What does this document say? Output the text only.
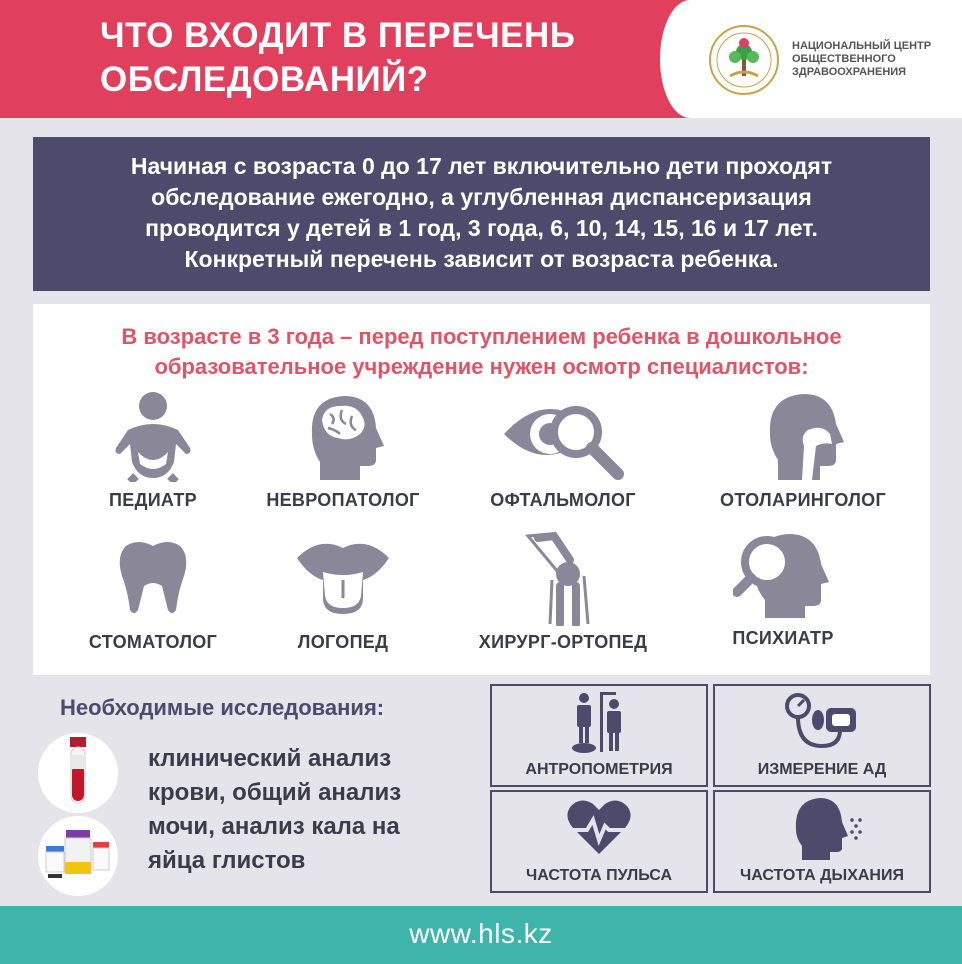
ЧТО ВХОДИТ В ПЕРЕЧЕНЬ
ОБСЛЕДОВАНИЙ?
НАЦИОНАЛЬНЫЙ ЦЕНТР
ОБЩЕСТВЕННОГО
ЗДРАВООХРАНЕНИЯ
Начиная с возраста 0 до 17 лет включительно дети проходят
обследование ежегодно, а углубленная диспансеризация
проводится у детей в 1 год, 3 года, 6, 10, 14, 15, 16 и 17 лет.
Конкретный перечень зависит от возраста ребенка.
В возрасте в 3 года – перед поступлением ребенка в дошкольное
образовательное учреждение нужен осмотр специалистов:
ПЕДИАТР	НЕВРОПАТОЛОГ	ОФТАЛЬМОЛОГ	ОТОЛАРИНГОЛОГ
СТОМАТОЛОГ	ЛОГОПЕД	ХИРУРГ-ОРТОПЕД	ПСИХИАТР
Необходимые исследования:
клинический анализ
крови, общий анализ
мочи, анализ кала на
яйца глистов
АНТРОПОМЕТРИЯ	ИЗМЕРЕНИЕ АД
ЧАСТОТА ПУЛЬСА	ЧАСТОТА ДЫХАНИЯ
www.hls.kz
